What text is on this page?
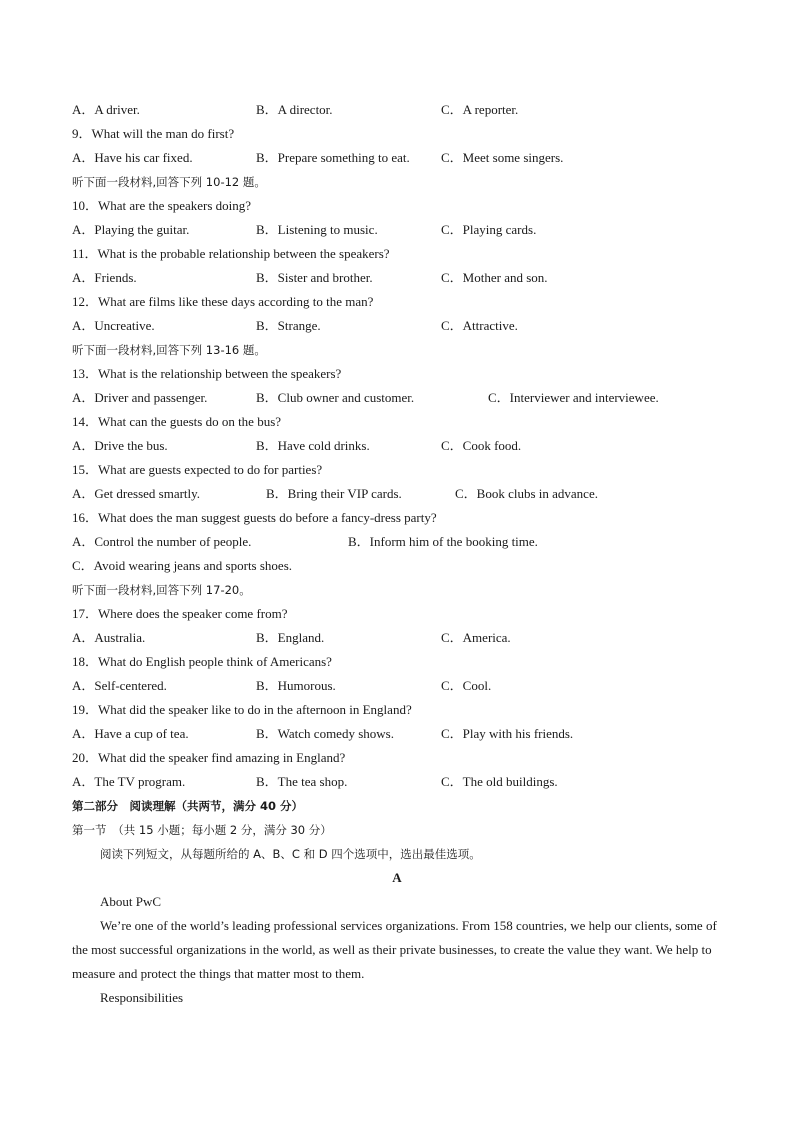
A．A driver.	B．A director.	C．A reporter.
9．What will the man do first?
A．Have his car fixed.	B．Prepare something to eat. C．Meet some singers.
听下面一段材料,回答下列 10-12 题。
10．What are the speakers doing?
A．Playing the guitar.	B．Listening to music.	C．Playing cards.
11．What is the probable relationship between the speakers?
A．Friends.	B．Sister and brother.	C．Mother and son.
12．What are films like these days according to the man?
A．Uncreative.	B．Strange.	C．Attractive.
听下面一段材料,回答下列 13-16 题。
13．What is the relationship between the speakers?
A．Driver and passenger.	B．Club owner and customer.	C．Interviewer and interviewee.
14．What can the guests do on the bus?
A．Drive the bus.	B．Have cold drinks.	C．Cook food.
15．What are guests expected to do for parties?
A．Get dressed smartly.	B．Bring their VIP cards.	C．Book clubs in advance.
16．What does the man suggest guests do before a fancy-dress party?
A．Control the number of people.	B．Inform him of the booking time.
C．Avoid wearing jeans and sports shoes.
听下面一段材料,回答下列 17-20。
17．Where does the speaker come from?
A．Australia.	B．England.	C．America.
18．What do English people think of Americans?
A．Self-centered.	B．Humorous.	C．Cool.
19．What did the speaker like to do in the afternoon in England?
A．Have a cup of tea.	B．Watch comedy shows.	C．Play with his friends.
20．What did the speaker find amazing in England?
A．The TV program.	B．The tea shop.	C．The old buildings.
第二部分　阅读理解（共两节，满分 40 分）
第一节　（共 15 小题；每小题 2 分，满分 30 分）
阅读下列短文，从每题所给的 A、B、C 和 D 四个选项中，选出最佳选项。
A
About PwC
We’re one of the world’s leading professional services organizations. From 158 countries, we help our clients, some of the most successful organizations in the world, as well as their private businesses, to create the value they want. We help to measure and protect the things that matter most to them.
Responsibilities
